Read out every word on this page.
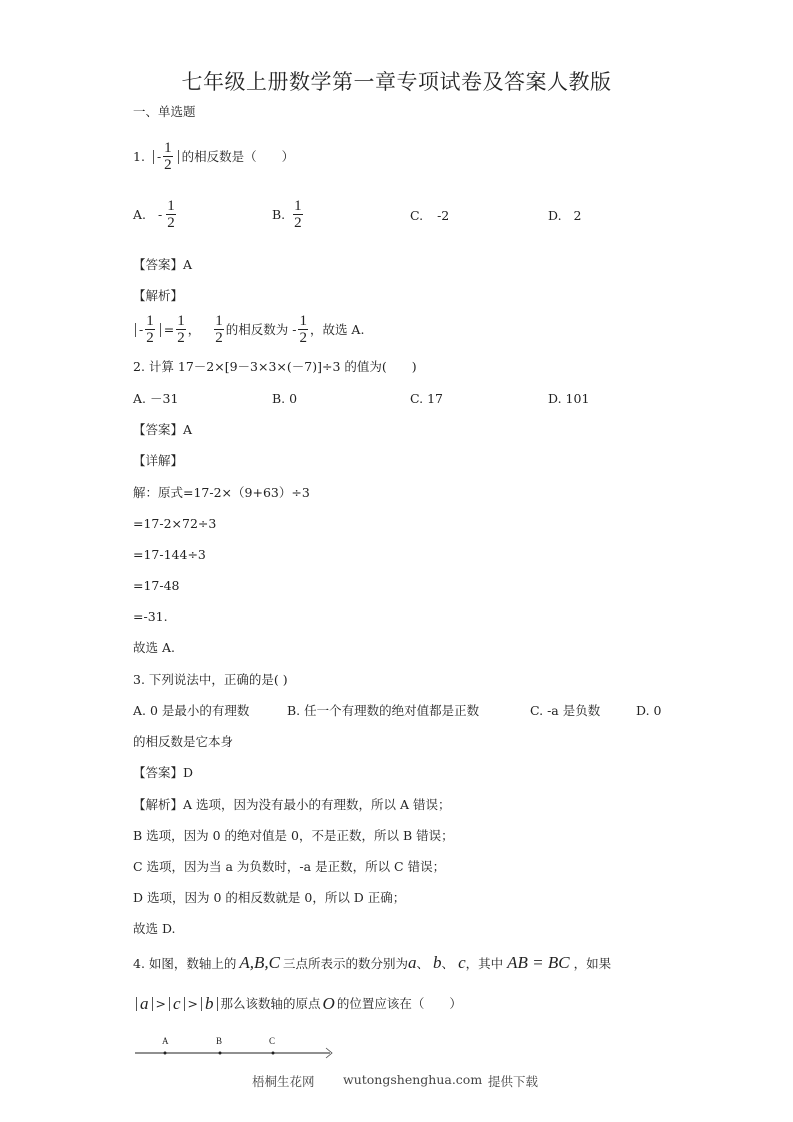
七年级上册数学第一章专项试卷及答案人教版
一、单选题
1. - $\frac{1}{2}$ 的相反数是（　　）
A. - $\frac{1}{2}$	B. $\frac{1}{2}$	C. -2	D. 2
【答案】A
【解析】
- $\frac{1}{2} = \frac{1}{2}$ ， $\frac{1}{2}$ 的相反数为 - $\frac{1}{2}$ ，故选 A.
2. 计算 17－2×[9－3×3×(－7)]÷3 的值为(　　)
A. －31	B. 0	C. 17	D. 101
【答案】A
【详解】
解：原式=17-2×（9+63）÷3
=17-2×72÷3
=17-144÷3
=17-48
=-31.
故选 A.
3. 下列说法中，正确的是( )
A. 0 是最小的有理数	B. 任一个有理数的绝对值都是正数	C. -a 是负数	D. 0
的相反数是它本身
【答案】D
【解析】A 选项，因为没有最小的有理数，所以 A 错误；
B 选项，因为 0 的绝对值是 0，不是正数，所以 B 错误；
C 选项，因为当 a 为负数时，-a 是正数，所以 C 错误；
D 选项，因为 0 的相反数就是 0，所以 D 正确；
故选 D.
4. 如图，数轴上的 A,B,C 三点所表示的数分别为 a 、 b 、 c ，其中 AB = BC ，如果
a > c > b 那么该数轴的原点 O 的位置应该在（　　）
A	B	C
梧桐生花网 wutongshenghua.com 提供下载
